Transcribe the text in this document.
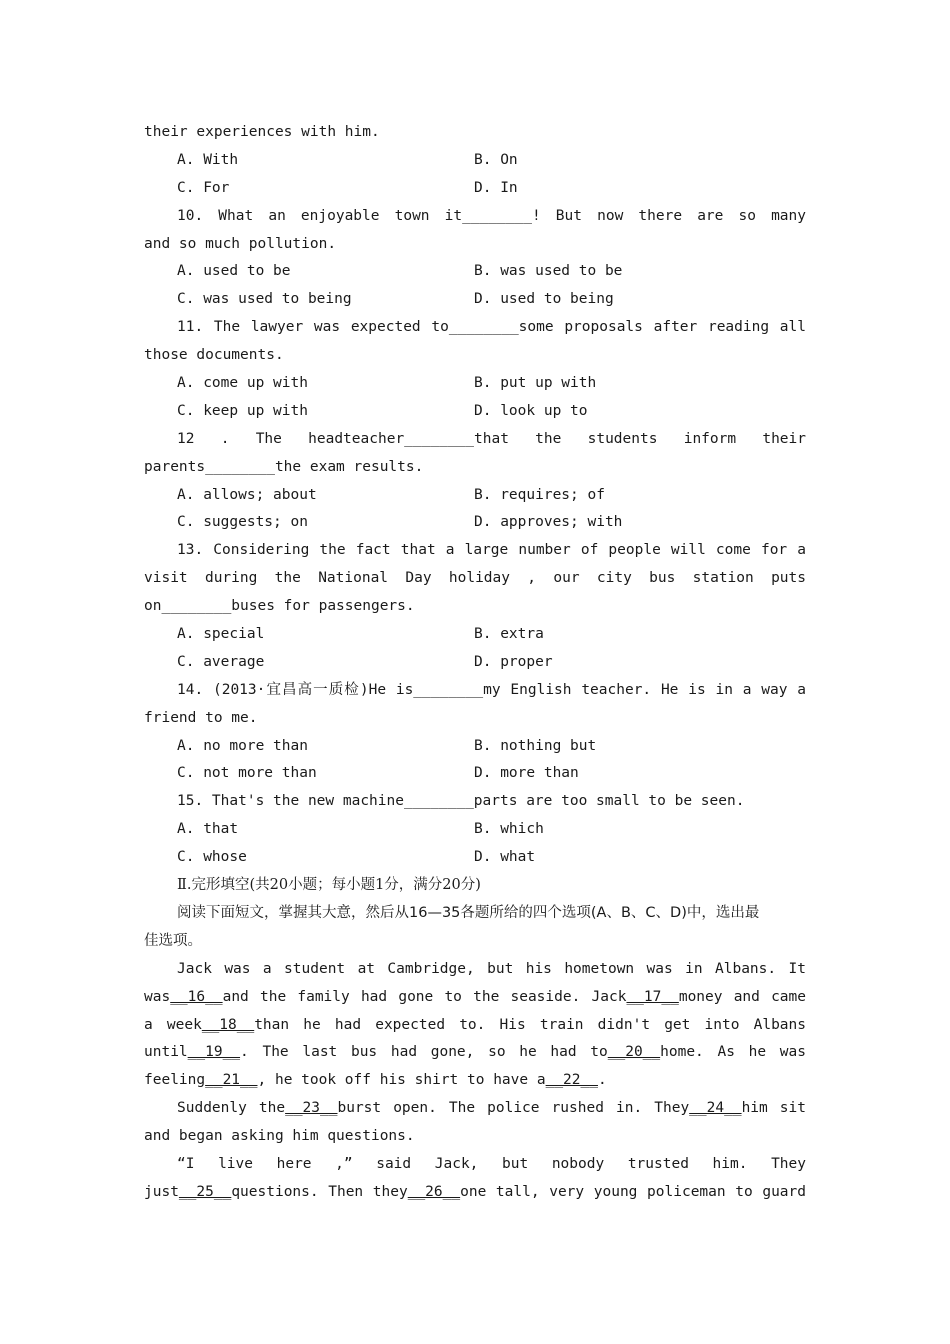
their experiences with him.
A. With	B. On
C. For	D. In
10. What an enjoyable town it________! But now there are so many
and so much pollution.
A. used to be	B. was used to be
C. was used to being	D. used to being
11. The lawyer was expected to________some proposals after reading all
those documents.
A. come up with	B. put up with
C. keep up with	D. look up to
12 . The headteacher________that the students inform their
parents________the exam results.
A. allows; about	B. requires; of
C. suggests; on	D. approves; with
13. Considering the fact that a large number of people will come for a
visit during the National Day holiday , our city bus station puts
on________buses for passengers.
A. special	B. extra
C. average	D. proper
14. (2013·宜昌高一质检)He is________my English teacher. He is in a way a
friend to me.
A. no more than	B. nothing but
C. not more than	D. more than
15. That's the new machine________parts are too small to be seen.
A. that	B. which
C. whose	D. what
Ⅱ.完形填空(共20小题；每小题1分，满分20分)
阅读下面短文，掌握其大意，然后从16—35各题所给的四个选项(A、B、C、D)中，选出最
佳选项。
Jack was a student at Cambridge, but his hometown was in Albans. It
was__16__and the family had gone to the seaside. Jack__17__money and came
a week__18__than he had expected to. His train didn't get into Albans
until__19__. The last bus had gone, so he had to__20__home. As he was
feeling__21__, he took off his shirt to have a__22__.
Suddenly the__23__burst open. The police rushed in. They__24__him sit
and began asking him questions.
“I live here ,” said Jack, but nobody trusted him. They
just__25__questions. Then they__26__one tall, very young policeman to guard
